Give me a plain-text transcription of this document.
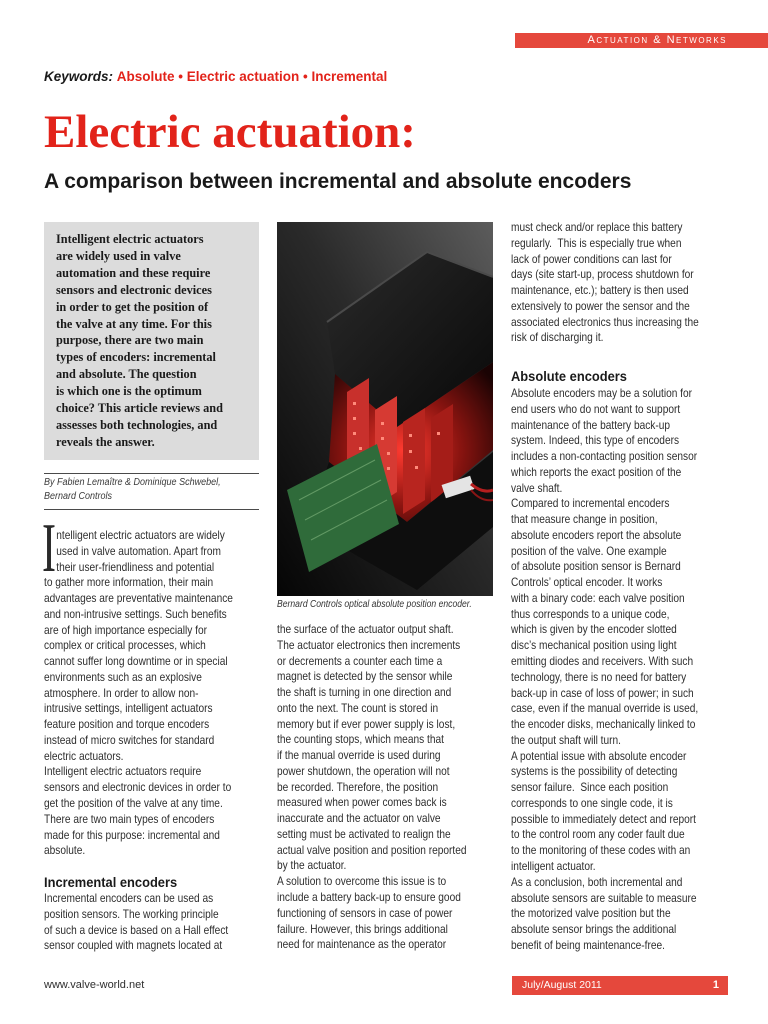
Actuation & Networks
Keywords: Absolute • Electric actuation • Incremental
Electric actuation:
A comparison between incremental and absolute encoders
Intelligent electric actuators
are widely used in valve
automation and these require
sensors and electronic devices
in order to get the position of
the valve at any time. For this
purpose, there are two main
types of encoders: incremental
and absolute. The question
is which one is the optimum
choice? This article reviews and
assesses both technologies, and
reveals the answer.
By Fabien Lemaître & Dominique Schwebel,
Bernard Controls
I ntelligent electric actuators are widely
used in valve automation. Apart from
their user-friendliness and potential
to gather more information, their main
advantages are preventative maintenance
and non-intrusive settings. Such benefits
are of high importance especially for
complex or critical processes, which
cannot suffer long downtime or in special
environments such as an explosive
atmosphere. In order to allow non-
intrusive settings, intelligent actuators
feature position and torque encoders
instead of micro switches for standard
electric actuators.
Intelligent electric actuators require
sensors and electronic devices in order to
get the position of the valve at any time.
There are two main types of encoders
made for this purpose: incremental and
absolute.
Incremental encoders
Incremental encoders can be used as
position sensors. The working principle
of such a device is based on a Hall effect
sensor coupled with magnets located at
Bernard Controls optical absolute position encoder.
the surface of the actuator output shaft.
The actuator electronics then increments
or decrements a counter each time a
magnet is detected by the sensor while
the shaft is turning in one direction and
onto the next. The count is stored in
memory but if ever power supply is lost,
the counting stops, which means that
if the manual override is used during
power shutdown, the operation will not
be recorded. Therefore, the position
measured when power comes back is
inaccurate and the actuator on valve
setting must be activated to realign the
actual valve position and position reported
by the actuator.
A solution to overcome this issue is to
include a battery back-up to ensure good
functioning of sensors in case of power
failure. However, this brings additional
need for maintenance as the operator
must check and/or replace this battery
regularly.  This is especially true when
lack of power conditions can last for
days (site start-up, process shutdown for
maintenance, etc.); battery is then used
extensively to power the sensor and the
associated electronics thus increasing the
risk of discharging it.
Absolute encoders
Absolute encoders may be a solution for
end users who do not want to support
maintenance of the battery back-up
system. Indeed, this type of encoders
includes a non-contacting position sensor
which reports the exact position of the
valve shaft.
Compared to incremental encoders
that measure change in position,
absolute encoders report the absolute
position of the valve. One example
of absolute position sensor is Bernard
Controls’ optical encoder. It works
with a binary code: each valve position
thus corresponds to a unique code,
which is given by the encoder slotted
disc’s mechanical position using light
emitting diodes and receivers. With such
technology, there is no need for battery
back-up in case of loss of power; in such
case, even if the manual override is used,
the encoder disks, mechanically linked to
the output shaft will turn.
A potential issue with absolute encoder
systems is the possibility of detecting
sensor failure.  Since each position
corresponds to one single code, it is
possible to immediately detect and report
to the control room any coder fault due
to the monitoring of these codes with an
intelligent actuator.
As a conclusion, both incremental and
absolute sensors are suitable to measure
the motorized valve position but the
absolute sensor brings the additional
benefit of being maintenance-free.
www.valve-world.net	July/August 2011	1
